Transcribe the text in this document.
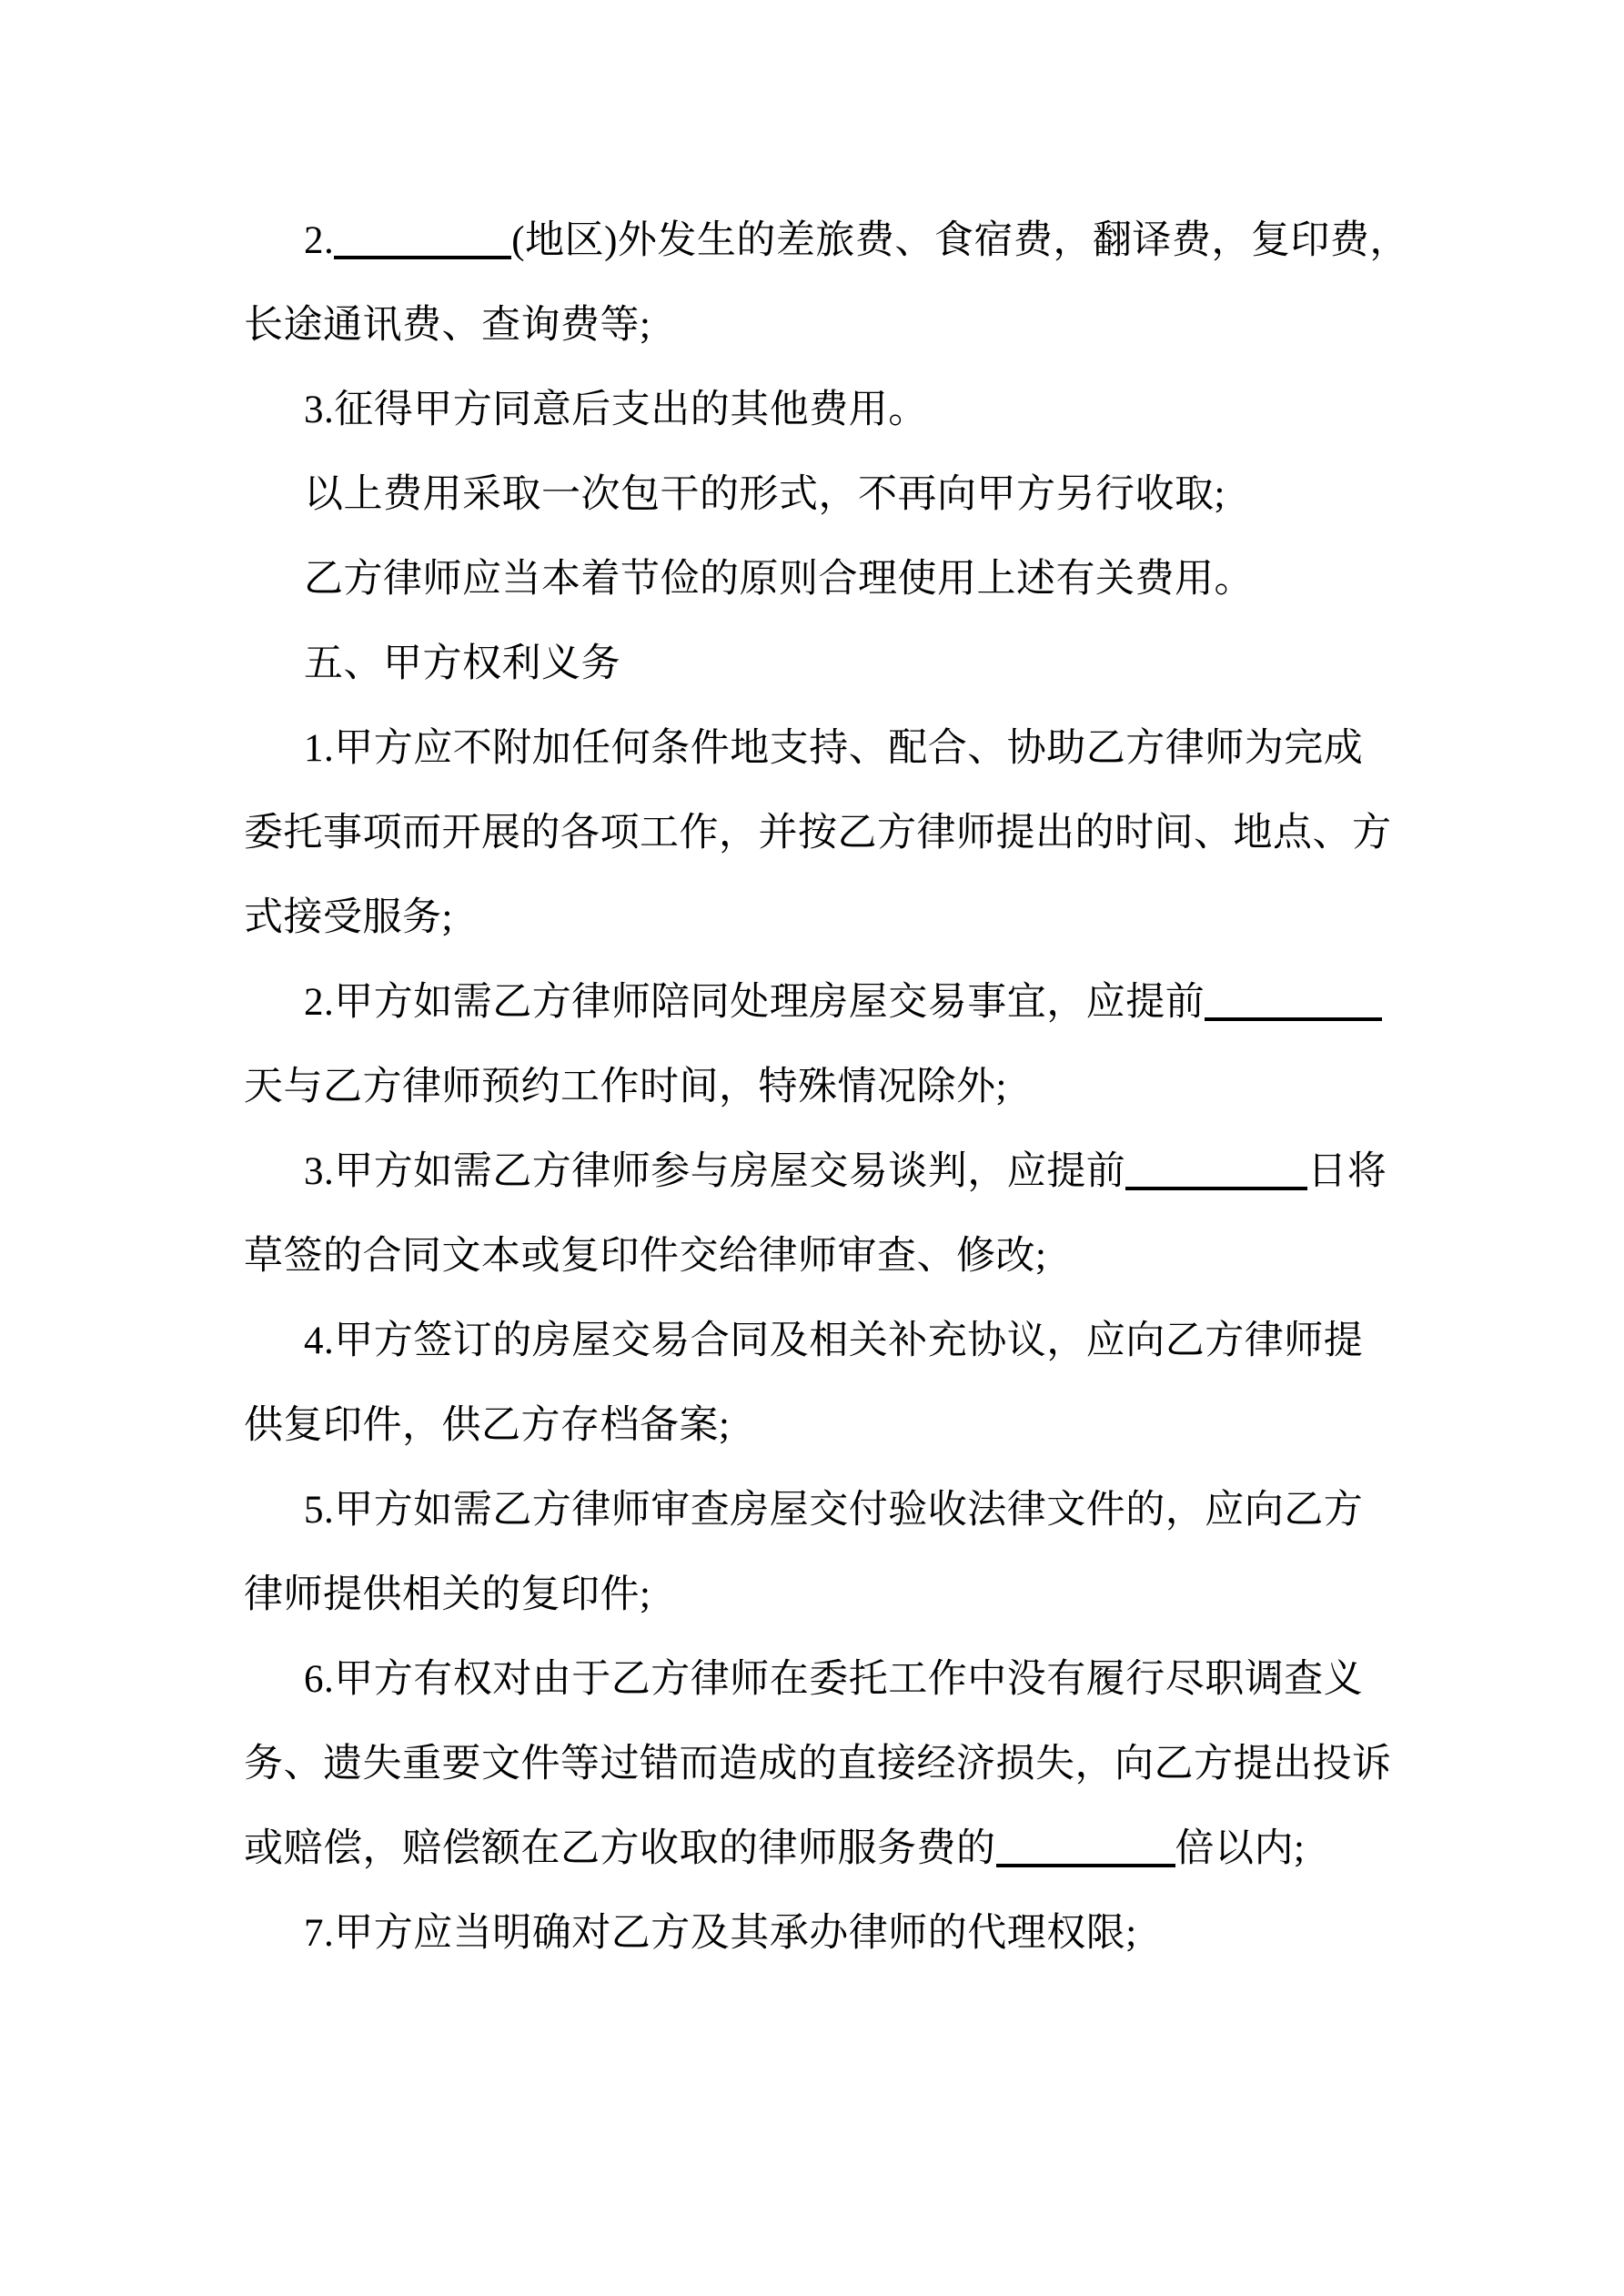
2.	(地区)外发生的差旅费、食宿费，翻译费，复印费，
长途通讯费、查询费等;
3.征得甲方同意后支出的其他费用。
以上费用采取一次包干的形式，不再向甲方另行收取;
乙方律师应当本着节俭的原则合理使用上述有关费用。
五、甲方权利义务
1.甲方应不附加任何条件地支持、配合、协助乙方律师为完成
委托事项而开展的各项工作，并按乙方律师提出的时间、地点、方
式接受服务;
2.甲方如需乙方律师陪同处理房屋交易事宜，应提前
天与乙方律师预约工作时间，特殊情况除外;
3.甲方如需乙方律师参与房屋交易谈判，应提前	日将
草签的合同文本或复印件交给律师审查、修改;
4.甲方签订的房屋交易合同及相关补充协议，应向乙方律师提
供复印件，供乙方存档备案;
5.甲方如需乙方律师审查房屋交付验收法律文件的，应向乙方
律师提供相关的复印件;
6.甲方有权对由于乙方律师在委托工作中没有履行尽职调查义
务、遗失重要文件等过错而造成的直接经济损失，向乙方提出投诉
或赔偿，赔偿额在乙方收取的律师服务费的	倍以内;
7.甲方应当明确对乙方及其承办律师的代理权限;
